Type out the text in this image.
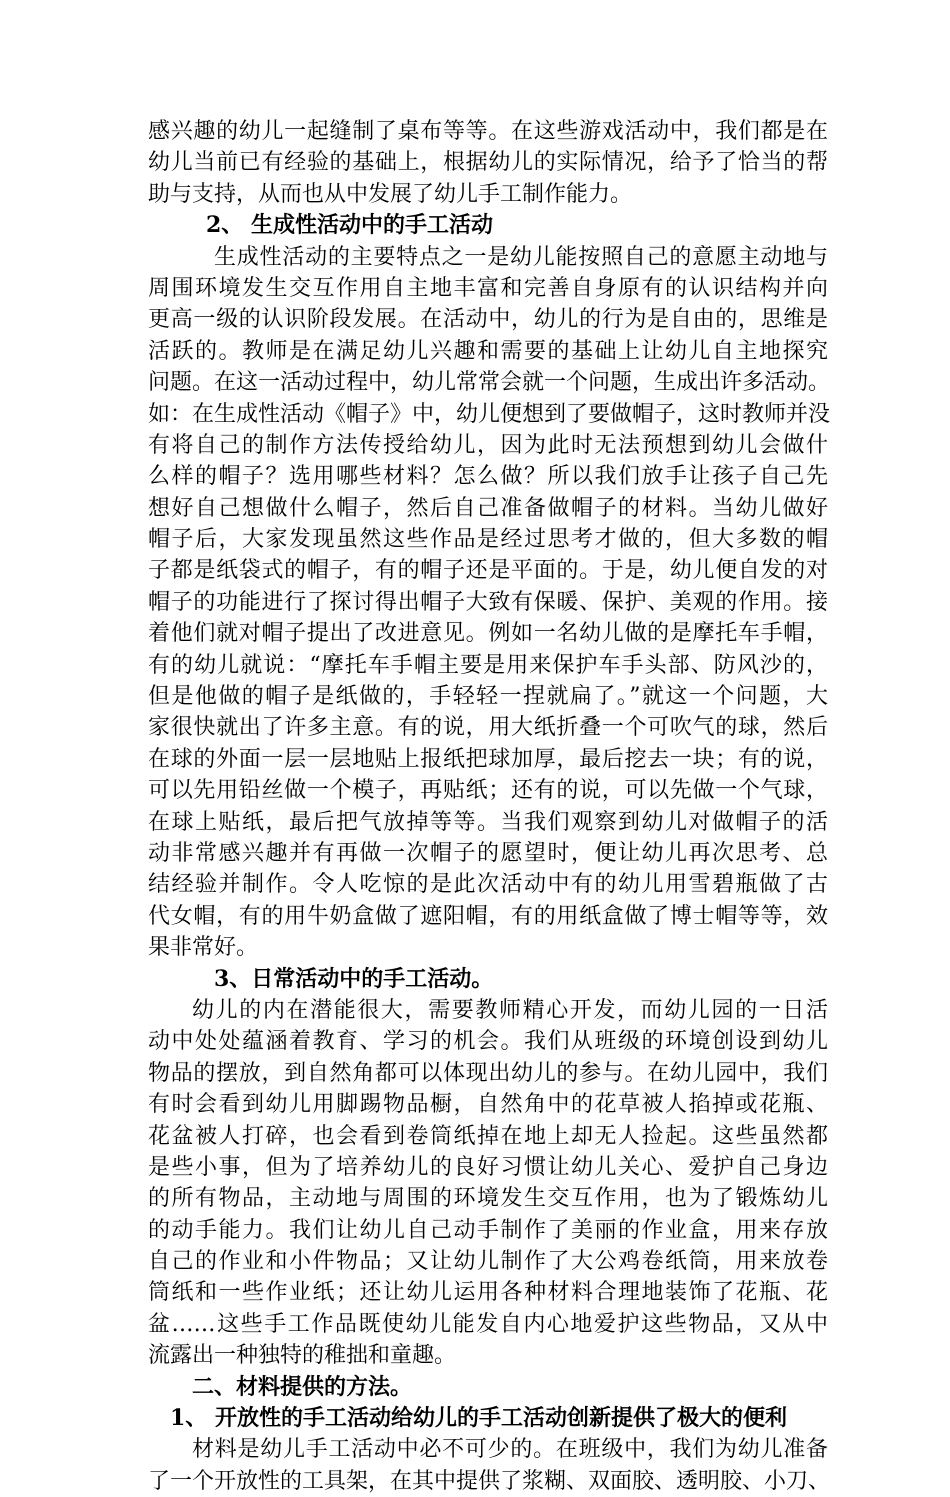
感兴趣的幼儿一起缝制了桌布等等。在这些游戏活动中，我们都是在
幼儿当前已有经验的基础上，根据幼儿的实际情况，给予了恰当的帮
助与支持，从而也从中发展了幼儿手工制作能力。
2、 生成性活动中的手工活动
生成性活动的主要特点之一是幼儿能按照自己的意愿主动地与
周围环境发生交互作用自主地丰富和完善自身原有的认识结构并向
更高一级的认识阶段发展。在活动中，幼儿的行为是自由的，思维是
活跃的。教师是在满足幼儿兴趣和需要的基础上让幼儿自主地探究
问题。在这一活动过程中，幼儿常常会就一个问题，生成出许多活动。
如：在生成性活动《帽子》中，幼儿便想到了要做帽子，这时教师并没
有将自己的制作方法传授给幼儿，因为此时无法预想到幼儿会做什
么样的帽子？选用哪些材料？怎么做？所以我们放手让孩子自己先
想好自己想做什么帽子，然后自己准备做帽子的材料。当幼儿做好
帽子后，大家发现虽然这些作品是经过思考才做的，但大多数的帽
子都是纸袋式的帽子，有的帽子还是平面的。于是，幼儿便自发的对
帽子的功能进行了探讨得出帽子大致有保暖、保护、美观的作用。接
着他们就对帽子提出了改进意见。例如一名幼儿做的是摩托车手帽，
有的幼儿就说：“摩托车手帽主要是用来保护车手头部、防风沙的，
但是他做的帽子是纸做的，手轻轻一捏就扁了。”就这一个问题，大
家很快就出了许多主意。有的说，用大纸折叠一个可吹气的球，然后
在球的外面一层一层地贴上报纸把球加厚，最后挖去一块；有的说，
可以先用铅丝做一个模子，再贴纸；还有的说，可以先做一个气球，
在球上贴纸，最后把气放掉等等。当我们观察到幼儿对做帽子的活
动非常感兴趣并有再做一次帽子的愿望时，便让幼儿再次思考、总
结经验并制作。令人吃惊的是此次活动中有的幼儿用雪碧瓶做了古
代女帽，有的用牛奶盒做了遮阳帽，有的用纸盒做了博士帽等等，效
果非常好。
3、日常活动中的手工活动。
幼儿的内在潜能很大，需要教师精心开发，而幼儿园的一日活
动中处处蕴涵着教育、学习的机会。我们从班级的环境创设到幼儿
物品的摆放，到自然角都可以体现出幼儿的参与。在幼儿园中，我们
有时会看到幼儿用脚踢物品橱，自然角中的花草被人掐掉或花瓶、
花盆被人打碎，也会看到卷筒纸掉在地上却无人捡起。这些虽然都
是些小事，但为了培养幼儿的良好习惯让幼儿关心、爱护自己身边
的所有物品，主动地与周围的环境发生交互作用，也为了锻炼幼儿
的动手能力。我们让幼儿自己动手制作了美丽的作业盒，用来存放
自己的作业和小件物品；又让幼儿制作了大公鸡卷纸筒，用来放卷
筒纸和一些作业纸；还让幼儿运用各种材料合理地装饰了花瓶、花
盆……这些手工作品既使幼儿能发自内心地爱护这些物品，又从中
流露出一种独特的稚拙和童趣。
二、材料提供的方法。
1、 开放性的手工活动给幼儿的手工活动创新提供了极大的便利
材料是幼儿手工活动中必不可少的。在班级中，我们为幼儿准备
了一个开放性的工具架，在其中提供了浆糊、双面胶、透明胶、小刀、
